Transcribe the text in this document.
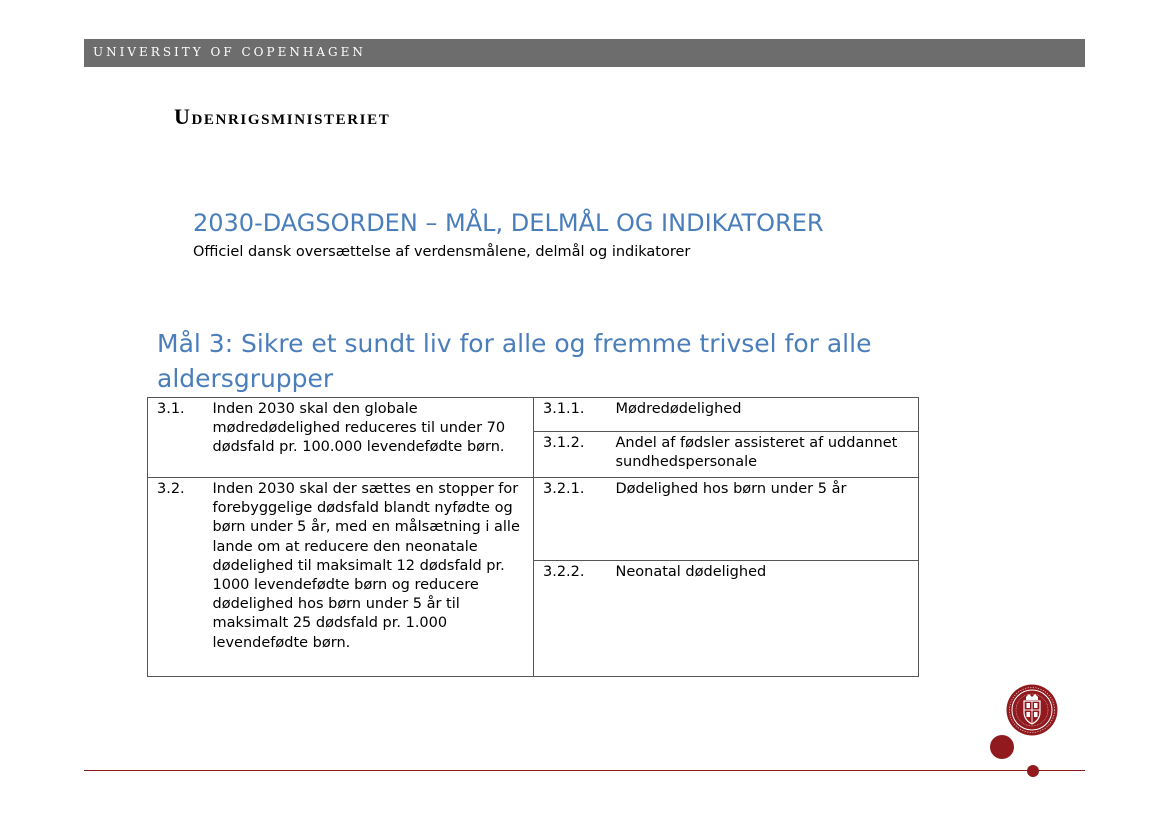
UNIVERSITY OF COPENHAGEN
Udenrigsministeriet
2030-DAGSORDEN – MÅL, DELMÅL OG INDIKATORER
Officiel dansk oversættelse af verdensmålene, delmål og indikatorer
Mål 3: Sikre et sundt liv for alle og fremme trivsel for alle aldersgrupper
3.1.	Inden 2030 skal den globale mødredødelighed reduceres til under 70 dødsfald pr. 100.000 levendefødte børn.	3.1.1.	Mødredødelighed
		3.1.2.	Andel af fødsler assisteret af uddannet sundhedspersonale
3.2.	Inden 2030 skal der sættes en stopper for forebyggelige dødsfald blandt nyfødte og børn under 5 år, med en målsætning i alle lande om at reducere den neonatale dødelighed til maksimalt 12 dødsfald pr. 1000 levendefødte børn og reducere dødelighed hos børn under 5 år til maksimalt 25 dødsfald pr. 1.000 levendefødte børn.	3.2.1.	Dødelighed hos børn under 5 år
		3.2.2.	Neonatal dødelighed
